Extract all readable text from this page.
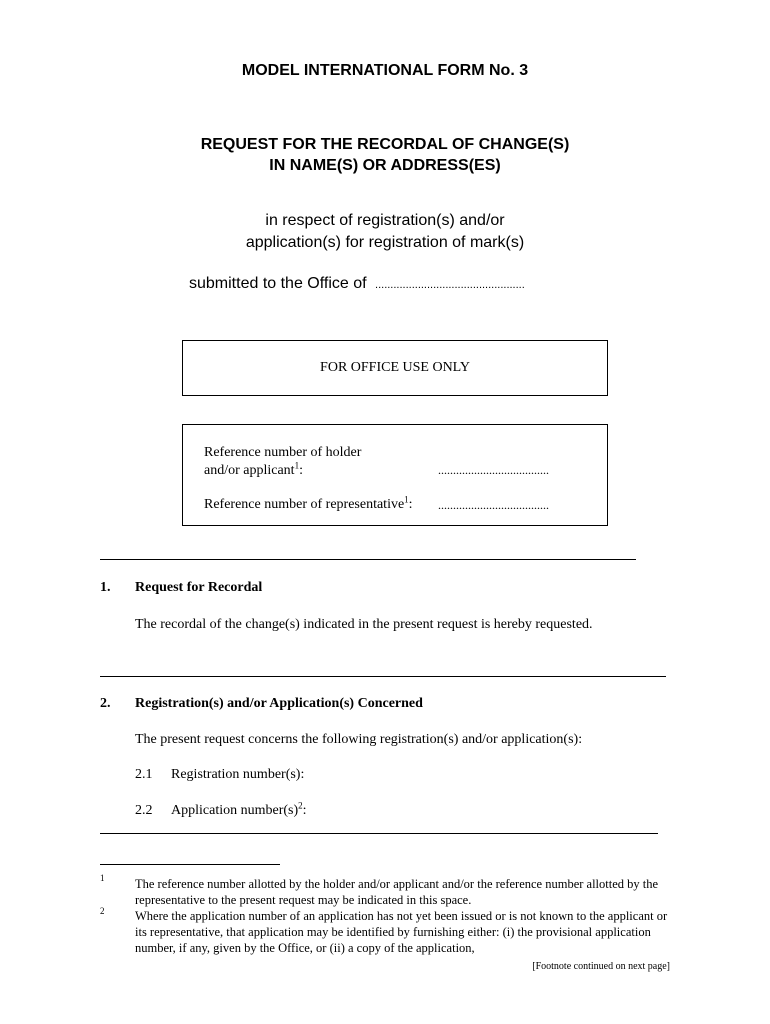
MODEL INTERNATIONAL FORM No. 3
REQUEST FOR THE RECORDAL OF CHANGE(S)
IN NAME(S) OR ADDRESS(ES)
in respect of registration(s) and/or
application(s) for registration of mark(s)
submitted to the Office of .................................................
FOR OFFICE USE ONLY
Reference number of holder
and/or applicant$^1$:	.....................................
Reference number of representative$^1$: .....................................
1. Request for Recordal
The recordal of the change(s) indicated in the present request is hereby requested.
2. Registration(s) and/or Application(s) Concerned
The present request concerns the following registration(s) and/or application(s):
2.1 Registration number(s):
2.2 Application $number(s)^2$:
1 The reference number allotted by the holder and/or applicant and/or the reference number allotted by the representative to the present request may be indicated in this space.
2 Where the application number of an application has not yet been issued or is not known to the applicant or its representative, that application may be identified by furnishing either: (i) the provisional application number, if any, given by the Office, or (ii) a copy of the application,
[Footnote continued on next page]
